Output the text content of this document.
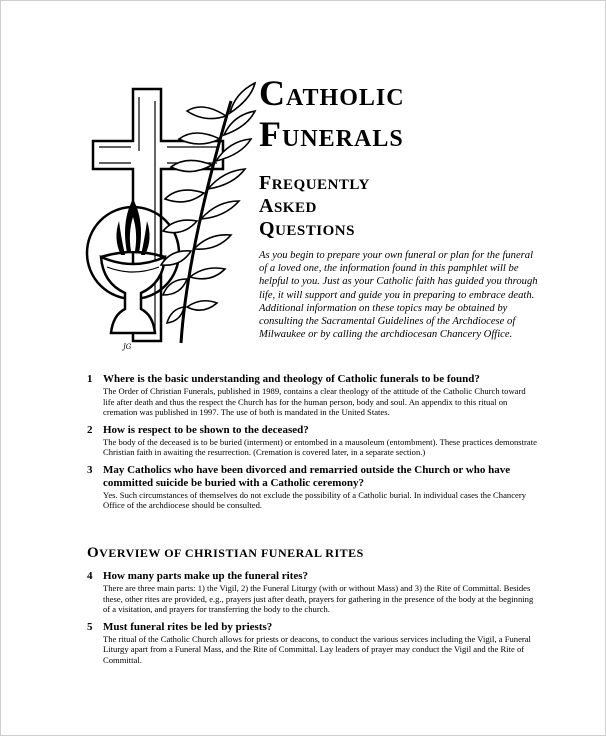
JG
CATHOLIC
FUNERALS
FREQUENTLY
ASKED
QUESTIONS
As you begin to prepare your own funeral or plan for the funeral of a loved one, the information found in this pamphlet will be helpful to you. Just as your Catholic faith has guided you through life, it will support and guide you in preparing to embrace death. Additional information on these topics may be obtained by consulting the Sacramental Guidelines of the Archdiocese of Milwaukee or by calling the archdiocesan Chancery Office.
1 Where is the basic understanding and theology of Catholic funerals to be found?
The Order of Christian Funerals, published in 1989, contains a clear theology of the attitude of the Catholic Church toward life after death and thus the respect the Church has for the human person, body and soul. An appendix to this ritual on cremation was published in 1997. The use of both is mandated in the United States.
2 How is respect to be shown to the deceased?
The body of the deceased is to be buried (interment) or entombed in a mausoleum (entombment). These practices demonstrate Christian faith in awaiting the resurrection. (Cremation is covered later, in a separate section.)
3 May Catholics who have been divorced and remarried outside the Church or who have committed suicide be buried with a Catholic ceremony?
Yes. Such circumstances of themselves do not exclude the possibility of a Catholic burial. In individual cases the Chancery Office of the archdiocese should be consulted.
OVERVIEW OF CHRISTIAN FUNERAL RITES
4 How many parts make up the funeral rites?
There are three main parts: 1) the Vigil, 2) the Funeral Liturgy (with or without Mass) and 3) the Rite of Committal. Besides these, other rites are provided, e.g., prayers just after death, prayers for gathering in the presence of the body at the beginning of a visitation, and prayers for transferring the body to the church.
5 Must funeral rites be led by priests?
The ritual of the Catholic Church allows for priests or deacons, to conduct the various services including the Vigil, a Funeral Liturgy apart from a Funeral Mass, and the Rite of Committal. Lay leaders of prayer may conduct the Vigil and the Rite of Committal.
